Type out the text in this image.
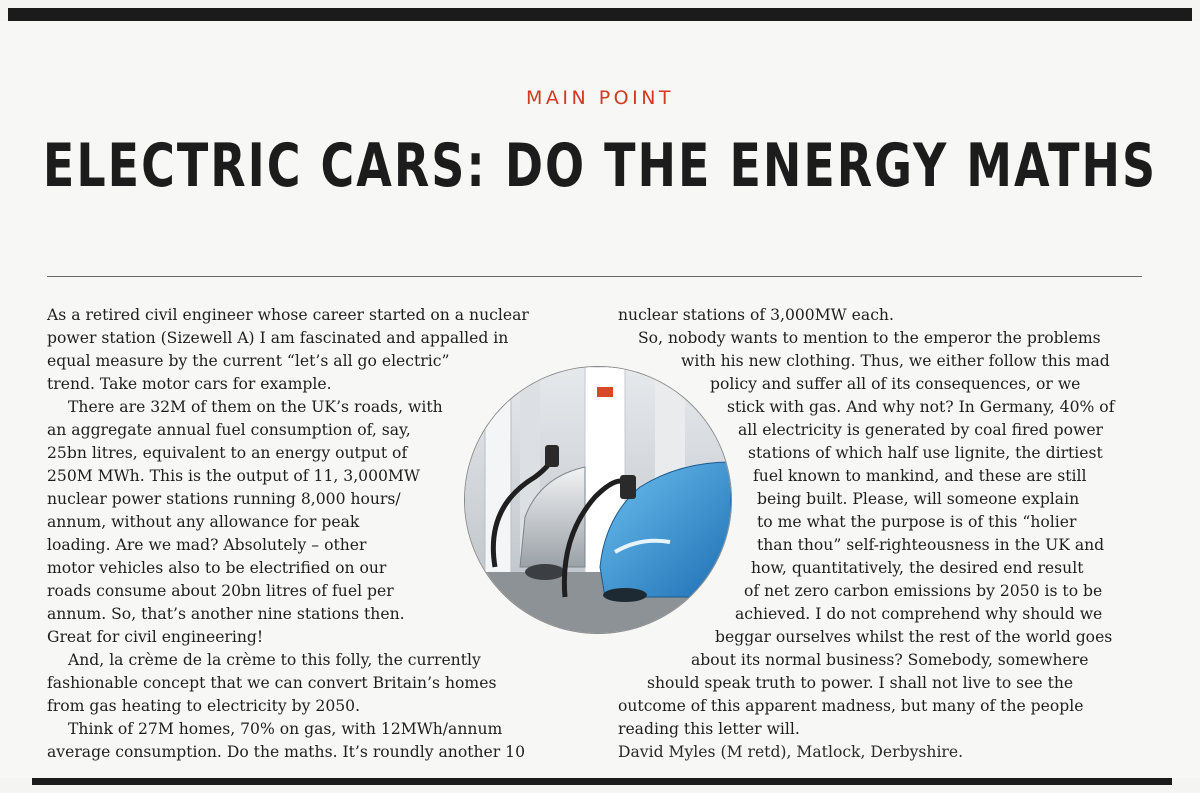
MAIN POINT
ELECTRIC CARS: DO THE ENERGY MATHS
As a retired civil engineer whose career started on a nuclear
power station (Sizewell A) I am fascinated and appalled in
equal measure by the current “let’s all go electric”
trend. Take motor cars for example.
There are 32M of them on the UK’s roads, with
an aggregate annual fuel consumption of, say,
25bn litres, equivalent to an energy output of
250M MWh. This is the output of 11, 3,000MW
nuclear power stations running 8,000 hours/
annum, without any allowance for peak
loading. Are we mad? Absolutely – other
motor vehicles also to be electrified on our
roads consume about 20bn litres of fuel per
annum. So, that’s another nine stations then.
Great for civil engineering!
And, la crème de la crème to this folly, the currently
fashionable concept that we can convert Britain’s homes
from gas heating to electricity by 2050.
Think of 27M homes, 70% on gas, with 12MWh/annum
average consumption. Do the maths. It’s roundly another 10
nuclear stations of 3,000MW each.
So, nobody wants to mention to the emperor the problems
with his new clothing. Thus, we either follow this mad
policy and suffer all of its consequences, or we
stick with gas. And why not? In Germany, 40% of
all electricity is generated by coal fired power
stations of which half use lignite, the dirtiest
fuel known to mankind, and these are still
being built. Please, will someone explain
to me what the purpose is of this “holier
than thou” self-righteousness in the UK and
how, quantitatively, the desired end result
of net zero carbon emissions by 2050 is to be
achieved. I do not comprehend why should we
beggar ourselves whilst the rest of the world goes
about its normal business? Somebody, somewhere
should speak truth to power. I shall not live to see the
outcome of this apparent madness, but many of the people
reading this letter will.
David Myles (M retd), Matlock, Derbyshire.
